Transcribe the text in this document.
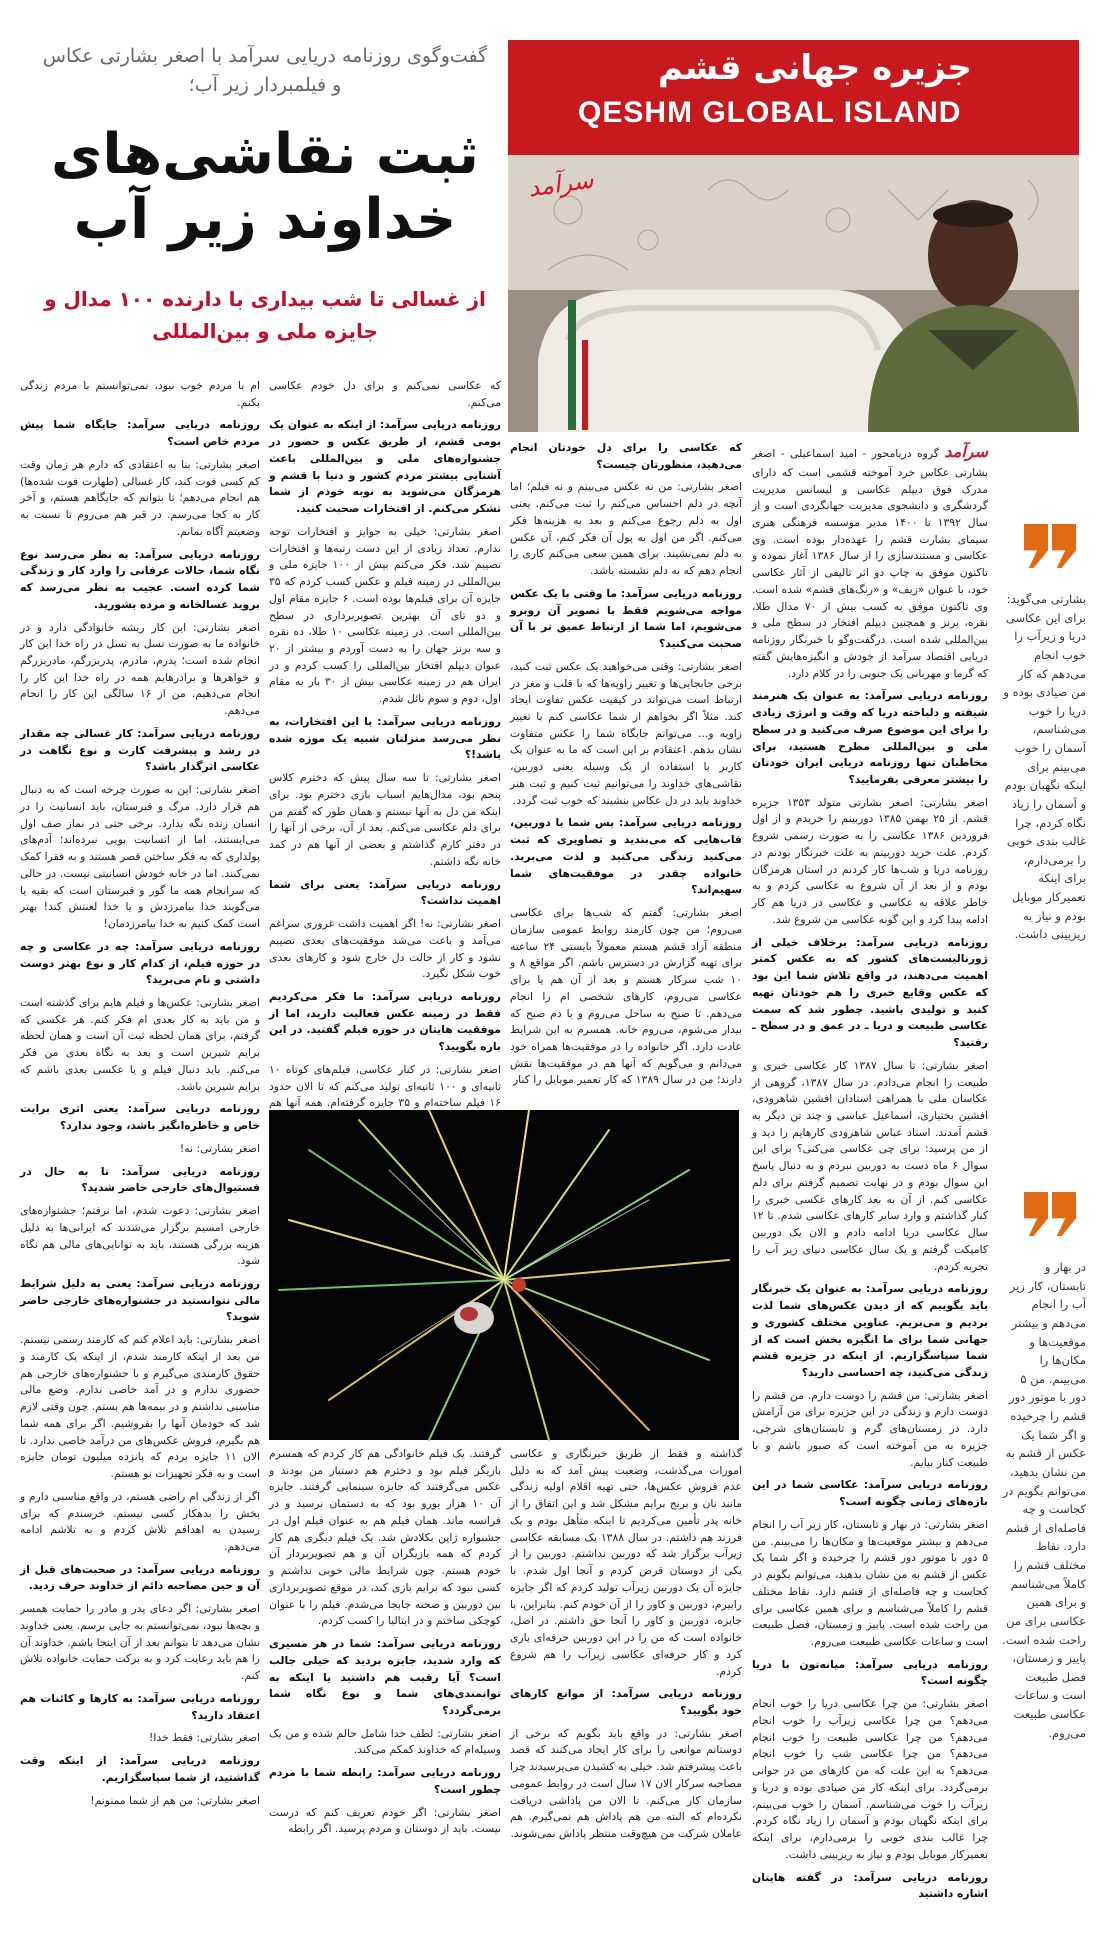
گفت‌وگوی روزنامه دریایی سرآمد با اصغر بشارتی عکاس و فیلمبردار زیر آب؛
ثبت نقاشی‌های خداوند زیر آب
از غسالی تا شب بیداری با دارنده ۱۰۰ مدال و جایزه ملی و بین‌المللی
جزیره جهانی قشم
QESHM GLOBAL ISLAND
سرآمد
بشارتی می‌گوید: برای این عکاسی دریا و زیرآب را خوب انجام می‌دهم که کار من صیادی بوده و دریا را خوب می‌شناسم، آسمان را خوب می‌بینم برای اینکه نگهبان بودم و آسمان را زیاد نگاه کردم، چرا غالب بندی خوبی را برمی‌دارم، برای اینکه تعمیرکار موبایل بودم و نیاز به ریزبینی داشت.
در بهار و تابستان، کار زیر آب را انجام می‌دهم و بیشتر موقعیت‌ها و مکان‌ها را می‌بینم. من ۵ دور با موتور دور قشم را چرخیده و اگر شما یک عکس از قشم به من نشان بدهید، می‌توانم بگویم در کجاست و چه فاصله‌ای از قشم دارد. نقاط مختلف قشم را کاملاً می‌شناسم و برای همین عکاسی برای من راحت شده است. پاییز و زمستان، فصل طبیعت است و ساعات عکاسی طبیعت می‌روم.

سرآمد گروه دریامحور - امید اسماعیلی - اصغر بشارتی عکاس خرد آموخته قشمی است که دارای مدرک فوق دیپلم عکاسی و لیسانس مدیریت گردشگری و دانشجوی مدیریت جهانگردی است و از سال ۱۳۹۲ تا ۱۴۰۰ مدیر موسسه فرهنگی هنری سیمای بشارت قشم را عهده‌دار بوده است. وی عکاسی و مستندسازی را از سال ۱۳۸۶ آغاز نموده و تاکنون موفق به چاپ دو اثر تالیفی از آثار عکاسی خود، با عنوان «زیف» و «رنگ‌های قشم» شده است. وی تاکنون موفق به کسب بیش از ۷۰ مدال طلا، نقره، برنز و همچنین دیپلم افتخار در سطح ملی و بین‌المللی شده است. درگفت‌وگو با خبرنگار روزنامه دریایی اقتصاد سرآمد از خودش و انگیزه‌هایش گفته که گرما و مهربانی یک جنوبی را در کلام دارد.

روزنامه دریایی سرآمد: به عنوان یک هنرمند شیفته و دلباخته دریا که وقت و انرژی زیادی را برای این موضوع صرف می‌کنید و در سطح ملی و بین‌المللی مطرح هستید، برای مخاطبان تنها روزنامه دریایی ایران خودتان را بیشتر معرفی بفرمایید؟

اصغر بشارتی: اصغر بشارتی متولد ۱۳۵۳ جزیره قشم. از ۲۵ بهمن ۱۳۸۵ دوربینم را خریدم و از اول فروردین ۱۳۸۶ عکاسی را به صورت رسمی شروع کردم. علت خرید دوربینم به علت خبرنگار بودنم در روزنامه دریا و شب‌ها کار کردنم در استان هرمزگان بودم و از بعد از آن شروع به عکاسی کردم و به خاطر علاقه به عکاسی و عکاسی در دریا هم کار ادامه پیدا کرد و این گونه عکاسی من شروع شد.

روزنامه دریایی سرآمد: برخلاف خیلی از ژورنالیست‌های کشور که به عکس کمتر اهمیت می‌دهند، در واقع تلاش شما این بود که عکس وقایع خبری را هم خودتان تهیه کنید و تولیدی باشید. چطور شد که سمت عکاسی طبیعت و دریا ـ در عمق و در سطح ـ رفتید؟

اصغر بشارتی: تا سال ۱۳۸۷ کار عکاسی خبری و طبیعت را انجام می‌دادم. در سال ۱۳۸۷، گروهی از عکاسان ملی با همراهی استادان افشین شاهرودی، افشین بختیاری، اسماعیل عباسی و چند تن دیگر به قشم آمدند. استاد عباس شاهرودی کارهایم را دید و از من پرسید: برای چی عکاسی می‌کنی؟ برای این سوال ۶ ماه دست به دوربین نبردم و به دنبال پاسخ این سوال بودم و در نهایت تصمیم گرفتم برای دلم عکاسی کنم. از آن به بعد کارهای عکسی خبری را کنار گذاشتم و وارد سایر کارهای عکاسی شدم. تا ۱۲ سال عکاسی دریا ادامه دادم و الان یک دوربین کامپکت گرفتم و یک سال عکاسی دنیای زیر آب را تجربه کردم.

روزنامه دریایی سرآمد: به عنوان یک خبرنگار باید بگوییم که از دیدن عکس‌های شما لذت بردیم و می‌بریم. عناوین مختلف کشوری و جهانی شما برای ما انگیزه بخش است که از شما سپاسگزاریم. از اینکه در جزیره قشم زندگی می‌کنید، چه احساسی دارید؟

اصغر بشارتی: من قشم را دوست دارم. من قشم را دوست دارم و زندگی در این جزیره برای من آرامش دارد. در زمستان‌های گرم و تابستان‌های شرجی، جزیره به من آموخته است که صبور باشم و با طبیعت کنار بیایم.

روزنامه دریایی سرآمد: عکاسی شما در این بازه‌های زمانی چگونه است؟

اصغر بشارتی: در بهار و تابستان، کار زیر آب را انجام می‌دهم و بیشتر موقعیت‌ها و مکان‌ها را می‌بینم. من ۵ دور با موتور دور قشم را چرخیده و اگر شما یک عکس از قشم به من نشان بدهید، می‌توانم بگویم در کجاست و چه فاصله‌ای از قشم دارد. نقاط مختلف قشم را کاملاً می‌شناسم و برای همین عکاسی برای من راحت شده است. پاییز و زمستان، فصل طبیعت است و ساعات عکاسی طبیعت می‌روم.

روزنامه دریایی سرآمد: میانه‌تون با دریا چگونه است؟

اصغر بشارتی: من چرا عکاسی دریا را خوب انجام می‌دهم؟ من چرا عکاسی زیرآب را خوب انجام می‌دهم؟ من چرا عکاسی طبیعت را خوب انجام می‌دهم؟ من چرا عکاسی شب را خوب انجام می‌دهم؟ به این علت که من کارهای من در جوانی برمی‌گردد. برای اینکه کار من صیادی بوده و دریا و زیرآب را خوب می‌شناسم. آسمان را خوب می‌بینم، برای اینکه نگهبان بودم و آسمان را زیاد نگاه کردم. چرا غالب بندی خوبی را برمی‌دارم، برای اینکه تعمیرکار موبایل بودم و نیاز به ریزبینی داشت.

روزنامه دریایی سرآمد: در گفته هایتان اشاره داشتید

که عکاسی را برای دل خودتان انجام می‌دهید، منظورتان چیست؟

اصغر بشارتی: من نه عکس می‌بینم و نه فیلم؛ اما آنچه در دلم احساس می‌کنم را ثبت می‌کنم. یعنی اول به دلم رجوع می‌کنم و بعد به هزینه‌ها فکر می‌کنم. اگر من اول به پول آن فکر کنم، آن عکس به دلم نمی‌نشیند. برای همین سعی می‌کنم کاری را انجام دهم که به دلم نشسته باشد.

روزنامه دریایی سرآمد: ما وقتی با یک عکس مواجه می‌شویم فقط با تصویر آن روبرو می‌شویم، اما شما از ارتباط عمیق تر با آن صحبت می‌کنید؟

اصغر بشارتی: وقتی می‌خواهید یک عکس ثبت کنید، برخی جابجایی‌ها و تغییر زاویه‌ها که با قلب و مغز در ارتباط است می‌تواند در کیفیت عکس تفاوت ایجاد کند. مثلاً اگر بخواهم از شما عکاسی کنم با تغییر زاویه و... می‌توانم جایگاه شما را عکس متفاوت نشان بدهم. اعتقادم بر این است که ما به عنوان یک کاربر با استفاده از یک وسیله یعنی دوربین، نقاشی‌های خداوند را می‌توانیم ثبت کنیم و ثبت هنر خداوند باید در دل عکاس بنشیند که خوب ثبت گردد.

روزنامه دریایی سرآمد: پس شما با دوربین، قاب‌هایی که می‌بندید و تصاویری که ثبت می‌کنید زندگی می‌کنید و لذت می‌برید. خانواده چقدر در موفقیت‌های شما سهیم‌اند؟

اصغر بشارتی: گفتم که شب‌ها برای عکاسی می‌روم؛ من چون کارمند روابط عمومی سازمان منطقه آزاد قشم هستم معمولاً بایستی ۲۴ ساعته برای تهیه گزارش در دسترس باشم. اگر مواقع ۸ و ۱۰ شب سرکار هستم و بعد از آن هم یا برای عکاسی می‌روم، کارهای شخصی ام را انجام می‌دهم. تا صبح به ساحل می‌روم و یا دم صبح که بیدار می‌شوم، می‌روم خانه. همسرم به این شرایط عادت دارد. اگر خانواده را در موفقیت‌ها همراه خود می‌دانم و می‌گویم که آنها هم در موفقیت‌ها نقش دارند؛ من در سال ۱۳۸۹ که کار تعمیر موبایل را کنار

گذاشته و فقط از طریق خبرنگاری و عکاسی امورات می‌گذشت، وضعیت پیش آمد که به دلیل عدم فروش عکس‌ها، حتی تهیه اقلام اولیه زندگی مانند نان و برنج برایم مشکل شد و این اتفاق را از خانه پدر تأمین می‌کردیم تا اینکه متأهل بودم و یک فرزند هم داشتم. در سال ۱۳۸۸ یک مسابقه عکاسی زیرآب برگزار شد که دوربین نداشتم. دوربین را از یکی از دوستان قرض کردم و آنجا اول شدم. با جایزه آن یک دوربین زیرآب تولید کردم که اگر جایزه رابیرم، دوربین و کاور را از آن خودم کنم. بنابراین، با جایزه، دوربین و کاور را آنجا حق داشتم. در اصل، خانواده است که من را در این دوربین حرفه‌ای یاری کرد و کار حرفه‌ای عکاسی زیرآب را هم شروع کردم.

روزنامه دریایی سرآمد: از موانع کارهای خود بگویید؟

اصغر بشارتی: در واقع باید بگویم که برخی از دوستانم موانعی را برای کار ایجاد می‌کنند که قصد باعث پیشرفتم شد. خیلی به کشیدن می‌پرسیدند چرا مصاحبه سرکار الان ۱۷ سال است در روابط عمومی سازمان کار می‌کنم. تا الان من پاداشی دریافت نکرده‌ام که البته من هم پاداش هم نمی‌گیرم. هم عاملان شرکت من هیچ‌وقت منتظر پاداش نمی‌شوند.

که عکاسی نمی‌کنم و برای دل خودم عکاسی می‌کنم.

روزنامه دریایی سرآمد: از اینکه به عنوان یک بومی قشم، از طریق عکس و حضور در جشنواره‌های ملی و بین‌المللی باعث آشنایی بیشتر مردم کشور و دنیا با قشم و هرمزگان می‌شوید به نوبه خودم از شما تشکر می‌کنم. از افتخارات صحبت کنید.

اصغر بشارتی: خیلی به جوایز و افتخارات توجه ندارم. تعداد زیادی از این دست رتبه‌ها و افتخارات نصیبم شد. فکر می‌کنم بیش از ۱۰۰ جایزه ملی و بین‌المللی در زمینه فیلم و عکس کسب کردم که ۳۵ جایزه آن برای فیلم‌ها بوده است. ۶ جایزه مقام اول و دو تای آن بهترین تصویربرداری در سطح بین‌المللی است. در زمینه عکاسی ۱۰ طلا، ده نقره و سه برنز جهان را به دست آوردم و بیشتر از ۲۰ عنوان دیپلم افتخار بین‌المللی را کسب کردم و در ایران هم در زمینه عکاسی بیش از ۳۰ بار به مقام اول، دوم و سوم نائل شدم.

روزنامه دریایی سرآمد: با این افتخارات، به نظر می‌رسد منزلتان شبیه یک موزه شده باشد!؟

اصغر بشارتی: تا سه سال پیش که دخترم کلاس پنجم بود، مدال‌هایم اسباب بازی دخترم بود. برای اینکه من دل به آنها نبستم و همان طور که گفتم من برای دلم عکاسی می‌کنم. بعد از آن، برخی از آنها را در دفتر کارم گذاشتم و بعضی از آنها هم در کمد خانه نگه داشتم.

روزنامه دریایی سرآمد: یعنی برای شما اهمیت نداشت؟

اصغر بشارتی: نه! اگر اهمیت داشت غروری سراغم می‌آمد و باعث می‌شد موفقیت‌های بعدی نصیبم نشود و کار از حالت دل خارج شود و کارهای بعدی خوب شکل نگیرد.

روزنامه دریایی سرآمد: ما فکر می‌کردیم فقط در زمینه عکس فعالیت دارید، اما از موفقیت هایتان در حوزه فیلم گفتید. در این باره بگویید؟

اصغر بشارتی: در کنار عکاسی، فیلم‌های کوتاه ۱۰ ثانیه‌ای و ۱۰۰ ثانیه‌ای تولید می‌کنم که تا الان حدود ۱۶ فیلم ساخته‌ام و ۳۵ جایزه گرفته‌ام. همه آنها هم

گرفتند. یک فیلم خانوادگی هم کار کردم که همسرم بازیگر فیلم بود و دخترم هم دستیار من بودند و عکس می‌گرفتند که جایزه سینمایی گرفتند. جایزه آن ۱۰ هزار یورو بود که به دستمان نرسید و در فرانسه ماند. همان فیلم هم به عنوان فیلم اول در جشنواره ژاپن بکلادش شد. یک فیلم دیگری هم کار کردم که همه بازیگران آن و هم تصویربردار آن خودم هستم. چون شرایط مالی خوبی نداشتم و کسی نبود که برایم بازی کند، در موقع تصویربرداری بین دوربین و صحنه جابجا می‌شدم. فیلم را با عنوان کوچکی ساختم و در ایتالیا را کسب کردم.

روزنامه دریایی سرآمد: شما در هر مسیری که وارد شدید، جایزه بردید که خیلی جالب است؟ آیا رقیب هم داشتید یا اینکه به توانمندی‌های شما و نوع نگاه شما برمی‌گردد؟

اصغر بشارتی: لطف خدا شامل حالم شده و من یک وسیله‌ام که خداوند کمکم می‌کند.

روزنامه دریایی سرآمد: رابطه شما با مردم چطور است؟

اصغر بشارتی: اگر خودم تعریف کنم که درست نیست. باید از دوستان و مردم پرسید. اگر رابطه

ام با مردم خوب نبود، نمی‌توانستم با مردم زندگی بکنم.

روزنامه دریایی سرآمد: جایگاه شما پیش مردم خاص است؟

اصغر بشارتی: بنا به اعتقادی که دارم هر زمان وقت کم کسی فوت کند، کار غسالی (طهارت فوت شده‌ها) هم انجام می‌دهم؛ تا بتوانم که جایگاهم هستم، و آخر کار به کجا می‌رسم. در قبر هم می‌روم تا نسبت به وضعیتم آگاه بمانم.

روزنامه دریایی سرآمد: به نظر می‌رسد نوع نگاه شما، حالات عرفانی را وارد کار و زندگی شما کرده است. عجیب به نظر می‌رسد که بروید غسالخانه و مرده بشورید.

اصغر بشارتی: این کار ریشه خانوادگی دارد و در خانواده ما به صورت نسل به نسل در راه خدا این کار انجام شده است؛ پدرم، مادرم، پدربزرگم، مادربزرگم و خواهرها و برادرهایم همه در راه خدا این کار را انجام می‌دهیم. من از ۱۶ سالگی این کار را انجام می‌دهم.

روزنامه دریایی سرآمد: کار غسالی چه مقدار در رشد و پیشرفت کارت و نوع نگاهت در عکاسی اثرگذار باشد؟

اصغر بشارتی: این به صورت چرخه است که به دنبال هم قرار دارد. مرگ و قبرستان، باید انسانیت را در انسان زنده نگه بدارد. برخی حتی در نماز صف اول می‌ایستند، اما از انسانیت بویی نبرده‌اند؛ آدم‌های پولداری که به فکر ساختن قصر هستند و به فقرا کمک نمی‌کنند. اما در خانه خودش انسانیتی نیست. در حالی که سرانجام همه ما گور و قبرستان است که بقیه یا می‌گویند خدا بیامرزدش و یا خدا لعنتش کند! بهتر است کمک کنیم به خدا بیامرزدمان!

روزنامه دریایی سرآمد: چه در عکاسی و چه در حوزه فیلم، از کدام کار و نوع بهتر دوست داشتی و نام می‌برید؟

اصغر بشارتی: عکس‌ها و فیلم هایم برای گذشته است و من باید به کار بعدی ام فکر کنم. هر عکسی که گرفتم، برای همان لحظه ثبت آن است و همان لحظه برایم شیرین است و بعد به نگاه بعدی من فکر می‌کنم. باید دنبال فیلم و یا عکسی بعدی باشم که برایم شیرین باشد.

روزنامه دریایی سرآمد: یعنی اثری برایت خاص و خاطره‌انگیز باشد، وجود ندارد؟

اصغر بشارتی: نه!

روزنامه دریایی سرآمد: تا به حال در فستیوال‌های خارجی حاضر شدید؟

اصغر بشارتی: دعوت شدم، اما نرفتم؛ جشنواره‌های خارجی امسیم برگزار می‌شدند که ایرانی‌ها به دلیل هزینه بزرگی هستند، باید به توانایی‌های مالی هم نگاه شود.

روزنامه دریایی سرآمد: یعنی به دلیل شرایط مالی نتوانستید در جشنواره‌های خارجی حاضر شوید؟

اصغر بشارتی: باید اعلام کنم که کارمند رسمی نیستم. من بعد از اینکه کارمند شدم، از اینکه یک کارمند و حقوق کارمندی می‌گیرم و با جشنواره‌های خارجی هم حضوری ندارم و در آمد خاصی ندارم. وضع مالی مناسبی نداشتم و در بیمه‌ها هم بستم. چون وقتی لازم شد که خودمان آنها را بفروشیم. اگر برای همه شما هم بگیرم، فروش عکس‌های من درآمد خاصی ندارد. تا الان ۱۱ جایزه بردم که پانزده میلیون تومان جایزه است و به فکر تجهیزات نو هستم.

اگر از زندگی ام راضی هستم، در واقع مناسبی دارم و بخش را بدهکار کسی نیستم. خرسندم که برای رسیدن به اهدافم تلاش کردم و به تلاشم ادامه می‌دهم.

روزنامه دریایی سرآمد: در صحبت‌های قبل از آن و حین مصاحبه دائم از خداوند حرف زدید.

اصغر بشارتی: اگر دعای پدر و مادر را حمایت همسر و بچه‌ها نبود، نمی‌توانستم به جایی برسم. یعنی خداوند نشان می‌دهد تا بتوانم بعد از آن اینجا باشم. خداوند آن را هم باید رعایت کرد و به برکت حمایت خانواده تلاش کنم.

روزنامه دریایی سرآمد: به کارها و کائنات هم اعتقاد دارید؟

اصغر بشارتی: فقط خدا!

روزنامه دریایی سرآمد: از اینکه وقت گذاشتید، از شما سپاسگزاریم.

اصغر بشارتی: من هم از شما ممنونم!
